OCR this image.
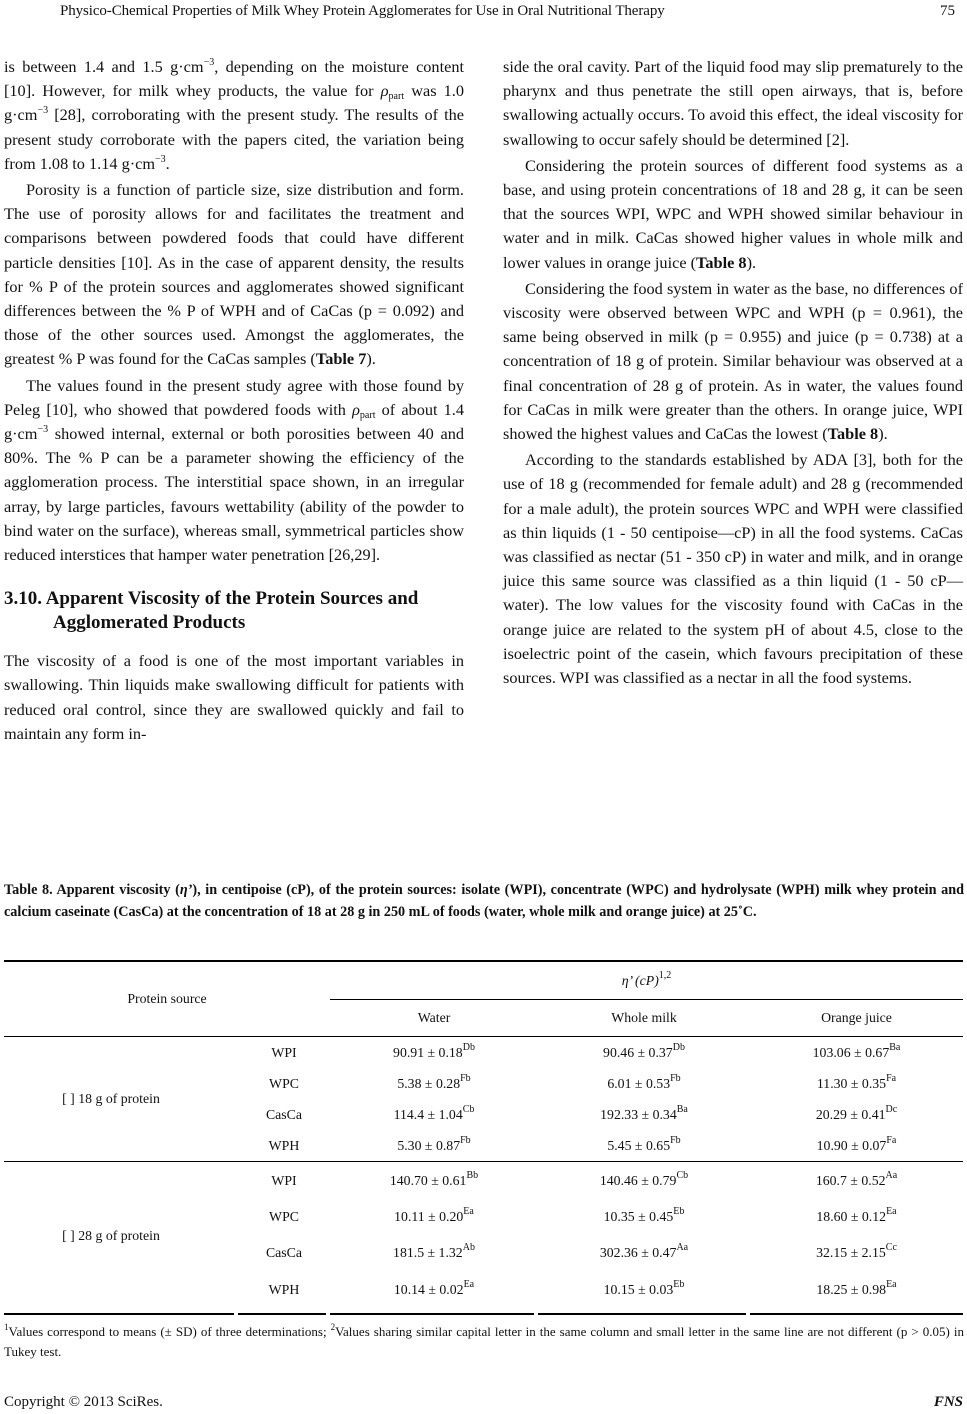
Physico-Chemical Properties of Milk Whey Protein Agglomerates for Use in Oral Nutritional Therapy	75

is between 1.4 and 1.5 $g\cdot cm^{-3}$, depending on the moisture content [10]. However, for milk whey products, the value for $\rho_{part}$ was 1.0 $g\cdot cm^{-3}$ [28], corroborating with the present study. The results of the present study corroborate with the papers cited, the variation being from 1.08 to 1.14 $g\cdot cm^{-3}$.

Porosity is a function of particle size, size distribution and form. The use of porosity allows for and facilitates the treatment and comparisons between powdered foods that could have different particle densities [10]. As in the case of apparent density, the results for % P of the protein sources and agglomerates showed significant differences between the % P of WPH and of CaCas (p = 0.092) and those of the other sources used. Amongst the agglomerates, the greatest % P was found for the CaCas samples (Table 7).

The values found in the present study agree with those found by Peleg [10], who showed that powdered foods with $\rho_{part}$ of about 1.4 $g\cdot cm^{-3}$ showed internal, external or both porosities between 40 and 80%. The % P can be a parameter showing the efficiency of the agglomeration process. The interstitial space shown, in an irregular array, by large particles, favours wettability (ability of the powder to bind water on the surface), whereas small, symmetrical particles show reduced interstices that hamper water penetration [26,29].

3.10. Apparent Viscosity of the Protein Sources and Agglomerated Products

The viscosity of a food is one of the most important variables in swallowing. Thin liquids make swallowing difficult for patients with reduced oral control, since they are swallowed quickly and fail to maintain any form in-

side the oral cavity. Part of the liquid food may slip prematurely to the pharynx and thus penetrate the still open airways, that is, before swallowing actually occurs. To avoid this effect, the ideal viscosity for swallowing to occur safely should be determined [2].

Considering the protein sources of different food systems as a base, and using protein concentrations of 18 and 28 g, it can be seen that the sources WPI, WPC and WPH showed similar behaviour in water and in milk. CaCas showed higher values in whole milk and lower values in orange juice (Table 8).

Considering the food system in water as the base, no differences of viscosity were observed between WPC and WPH (p = 0.961), the same being observed in milk (p = 0.955) and juice (p = 0.738) at a concentration of 18 g of protein. Similar behaviour was observed at a final concentration of 28 g of protein. As in water, the values found for CaCas in milk were greater than the others. In orange juice, WPI showed the highest values and CaCas the lowest (Table 8).

According to the standards established by ADA [3], both for the use of 18 g (recommended for female adult) and 28 g (recommended for a male adult), the protein sources WPC and WPH were classified as thin liquids (1 - 50 centipoise—cP) in all the food systems. CaCas was classified as nectar (51 - 350 cP) in water and milk, and in orange juice this same source was classified as a thin liquid (1 - 50 cP—water). The low values for the viscosity found with CaCas in the orange juice are related to the system pH of about 4.5, close to the isoelectric point of the casein, which favours precipitation of these sources. WPI was classified as a nectar in all the food systems.

Table 8. Apparent viscosity (η’), in centipoise (cP), of the protein sources: isolate (WPI), concentrate (WPC) and hydrolysate (WPH) milk whey protein and calcium caseinate (CasCa) at the concentration of 18 at 28 g in 250 mL of foods (water, whole milk and orange juice) at 25˚C.
Protein source		η’ (cP)$^{1,2}$
		Water	Whole milk	Orange juice
[ ] 18 g of protein	WPI	$90.91 \pm 0.18^{Db}$	$90.46 \pm 0.37^{Db}$	$103.06 \pm 0.67^{Ba}$
	WPC	$5.38 \pm 0.28^{Fb}$	$6.01 \pm 0.53^{Fb}$	$11.30 \pm 0.35^{Fa}$
	CasCa	$114.4 \pm 1.04^{Cb}$	$192.33 \pm 0.34^{Ba}$	$20.29 \pm 0.41^{Dc}$
	WPH	$5.30 \pm 0.87^{Fb}$	$5.45 \pm 0.65^{Fb}$	$10.90 \pm 0.07^{Fa}$
[ ] 28 g of protein	WPI	$140.70 \pm 0.61^{Bb}$	$140.46 \pm 0.79^{Cb}$	$160.7 \pm 0.52^{Aa}$
	WPC	$10.11 \pm 0.20^{Ea}$	$10.35 \pm 0.45^{Eb}$	$18.60 \pm 0.12^{Ea}$
	CasCa	$181.5 \pm 1.32^{Ab}$	$302.36 \pm 0.47^{Aa}$	$32.15 \pm 2.15^{Cc}$
	WPH	$10.14 \pm 0.02^{Ea}$	$10.15 \pm 0.03^{Eb}$	$18.25 \pm 0.98^{Ea}$
$^1$Values correspond to means (± SD) of three determinations; $^2$Values sharing similar capital letter in the same column and small letter in the same line are not different (p > 0.05) in Tukey test.
Copyright © 2013 SciRes.	FNS
